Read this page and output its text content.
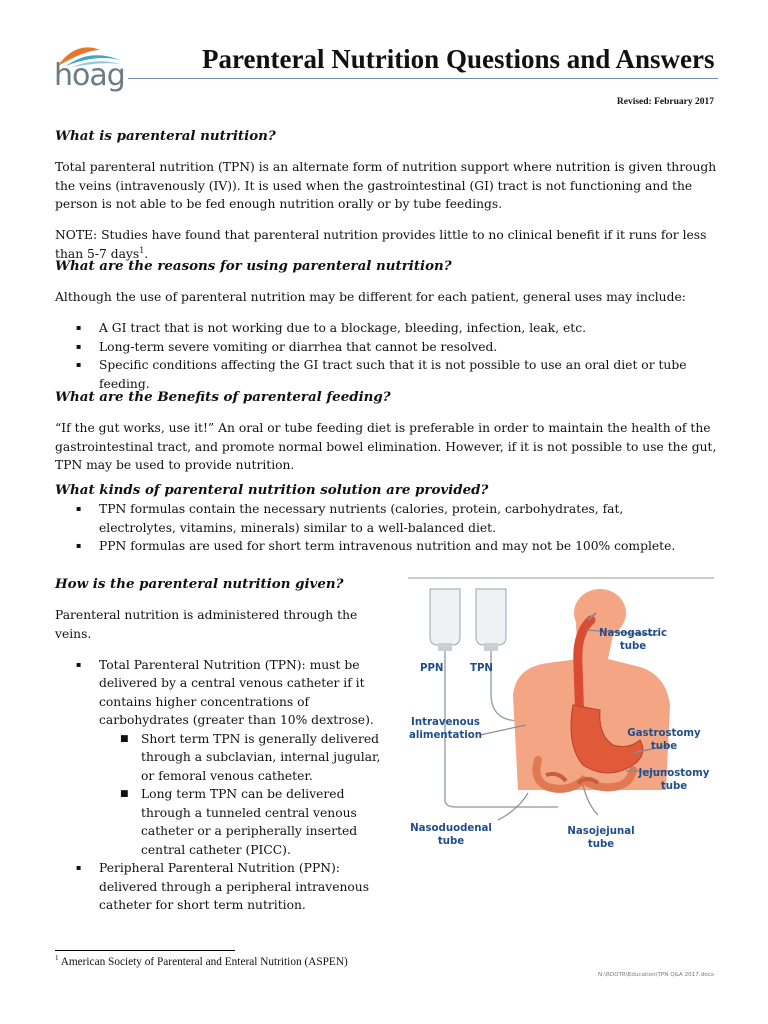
hoag	Parenteral Nutrition Questions and Answers
Revised: February 2017
What is parenteral nutrition?

Total parenteral nutrition (TPN) is an alternate form of nutrition support where nutrition is given through the veins (intravenously (IV)). It is used when the gastrointestinal (GI) tract is not functioning and the person is not able to be fed enough nutrition orally or by tube feedings.

NOTE: Studies have found that parenteral nutrition provides little to no clinical benefit if it runs for less than 5-7 days$^1$.

What are the reasons for using parenteral nutrition?

Although the use of parenteral nutrition may be different for each patient, general uses may include:

▪ A GI tract that is not working due to a blockage, bleeding, infection, leak, etc.
▪ Long-term severe vomiting or diarrhea that cannot be resolved.
▪ Specific conditions affecting the GI tract such that it is not possible to use an oral diet or tube feeding.
What are the Benefits of parenteral feeding?

“If the gut works, use it!” An oral or tube feeding diet is preferable in order to maintain the health of the gastrointestinal tract, and promote normal bowel elimination. However, if it is not possible to use the gut, TPN may be used to provide nutrition.

What kinds of parenteral nutrition solution are provided?
▪ TPN formulas contain the necessary nutrients (calories, protein, carbohydrates, fat, electrolytes, vitamins, minerals) similar to a well-balanced diet.
▪ PPN formulas are used for short term intravenous nutrition and may not be 100% complete.
How is the parenteral nutrition given?

Parenteral nutrition is administered through the veins.

▪ Total Parenteral Nutrition (TPN): must be delivered by a central venous catheter if it contains higher concentrations of carbohydrates (greater than 10% dextrose).
■ Short term TPN is generally delivered through a subclavian, internal jugular, or femoral venous catheter.
■ Long term TPN can be delivered through a tunneled central venous catheter or a peripherally inserted central catheter (PICC).
▪ Peripheral Parenteral Nutrition (PPN): delivered through a peripheral intravenous catheter for short term nutrition.
PPN	TPN
Nasogastric tube
Intravenous alimentation	Gastrostomy tube
Jejunostomy tube
Nasoduodenal tube
Nasojejunal tube
$^1$ American Society of Parenteral and Enteral Nutrition (ASPEN)
N:\RDOTR\Education\TPN Q&A 2017.docx
